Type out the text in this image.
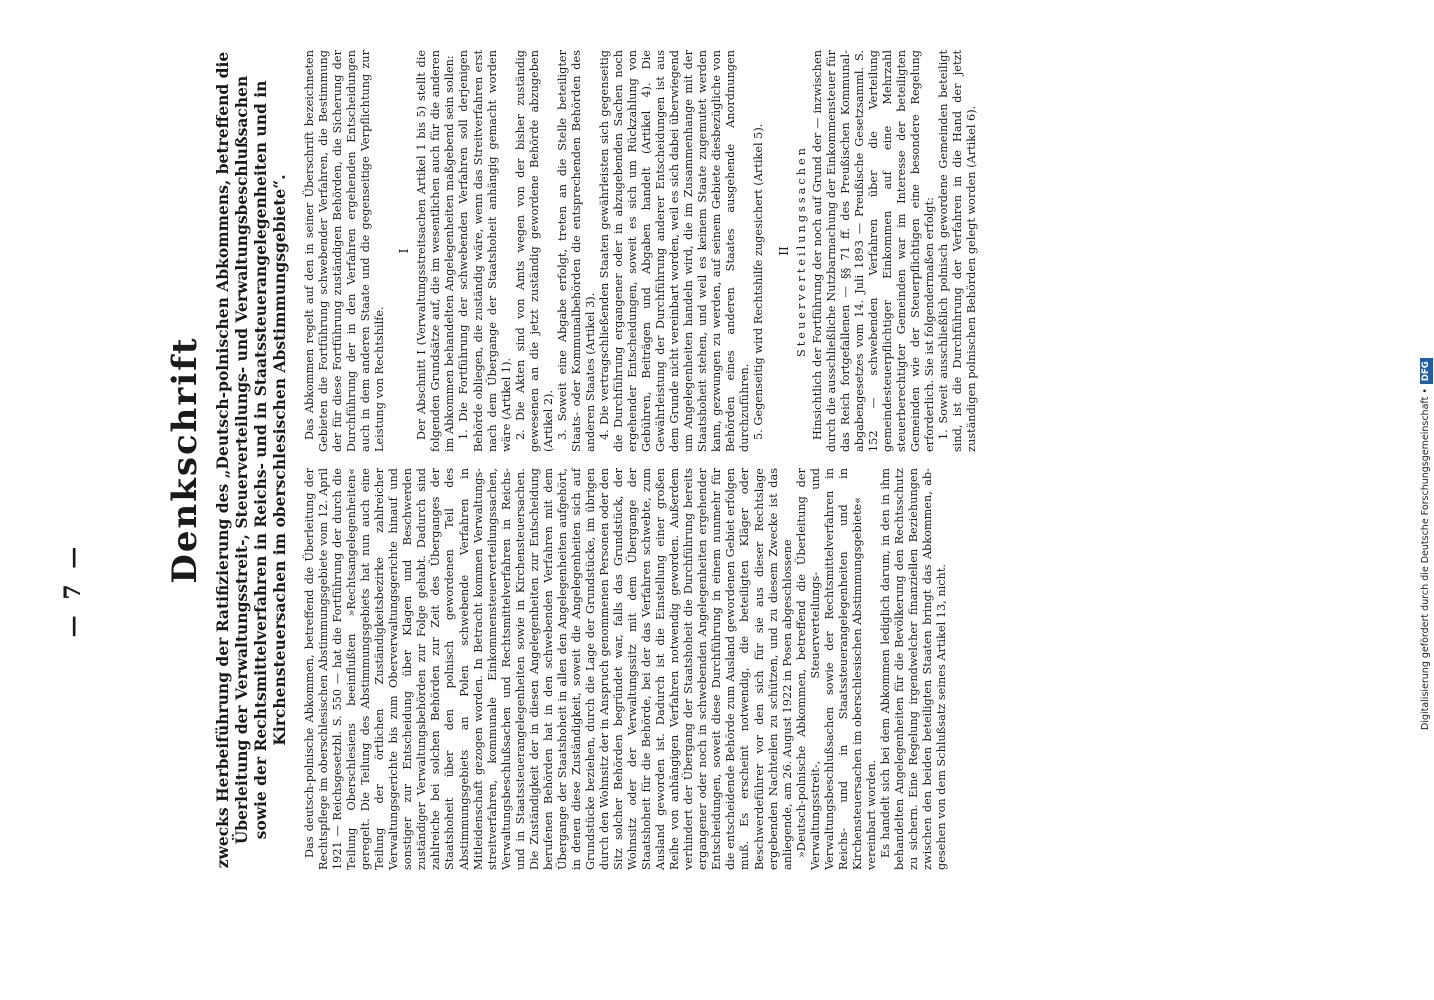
— 7 —
Denkschrift zwecks Herbeiführung der Ratifizierung des „Deutsch-polnischen Abkommens, betreffend die Überleitung der Verwaltungsstreit-, Steuerverteilungs- und Verwaltungsbeschlußsachen sowie der Rechtsmittelverfahren in Reichs- und in Staatssteuerangelegenheiten und in Kirchensteuersachen im oberschlesischen Abstimmungsgebiete“. Das deutsch-polnische Abkommen, betreffend die Überleitung der Rechtspflege im oberschlesischen Abstimmungsgebiete vom 12. April 1921 — Reichsgesetzbl. S. 550 — hat die Fortführung der durch die Teilung Oberschlesiens beeinflußten »Rechtsangelegenheiten« geregelt. Die Teilung des Abstimmungsgebiets hat nun auch eine Teilung der örtlichen Zuständigkeitsbezirke zahlreicher Verwaltungsgerichte bis zum Oberverwaltungsgerichte hinauf und sonstiger zur Entscheidung über Klagen und Beschwerden zuständiger Verwaltungsbehörden zur Folge gehabt. Dadurch sind zahlreiche bei solchen Behörden zur Zeit des Überganges der Staatshoheit über den polnisch gewordenen Teil des Abstimmungsgebiets an Polen schwebende Verfahren in Mitleidenschaft gezogen worden. In Betracht kommen Verwaltungsstreitverfahren, kommunale Einkommensteuerverteilungssachen, Verwaltungsbeschlußsachen und Rechtsmittelverfahren in Reichs- und in Staatssteuerangelegenheiten sowie in Kirchensteuersachen. Die Zuständigkeit der in diesen Angelegenheiten zur Entscheidung berufenen Behörden hat in den schwebenden Verfahren mit dem Übergange der Staatshoheit in allen den Angelegenheiten aufgehört, in denen diese Zuständigkeit, soweit die Angelegenheiten sich auf Grundstücke beziehen, durch die Lage der Grundstücke, im übrigen durch den Wohnsitz der in Anspruch genommenen Personen oder den Sitz solcher Behörden begründet war, falls das Grundstück, der Wohnsitz oder der Verwaltungssitz mit dem Übergange der Staatshoheit für die Behörde, bei der das Verfahren schwebte, zum Ausland geworden ist. Dadurch ist die Einstellung einer großen Reihe von anhängigen Verfahren notwendig geworden. Außerdem verhindert der Übergang der Staatshoheit die Durchführung bereits ergangener oder noch in schwebenden Angelegenheiten ergehender Entscheidungen, soweit diese Durchführung in einem nunmehr für die entscheidende Behörde zum Ausland gewordenen Gebiet erfolgen muß. Es erscheint notwendig, die beteiligten Kläger oder Beschwerdeführer vor den sich für sie aus dieser Rechtslage ergebenden Nachteilen zu schützen, und zu diesem Zwecke ist das anliegende, am 26. August 1922 in Posen abgeschlossene »Deutsch-polnische Abkommen, betreffend die Überleitung der Verwaltungsstreit-, Steuerverteilungs- und Verwaltungsbeschlußsachen sowie der Rechtsmittelverfahren in Reichs- und in Staatssteuerangelegenheiten und in Kirchensteuersachen im oberschlesischen Abstimmungsgebiete« vereinbart worden. Es handelt sich bei dem Abkommen lediglich darum, in den in ihm behandelten Angelegenheiten für die Bevölkerung den Rechtsschutz zu sichern. Eine Regelung irgendwelcher finanziellen Beziehungen zwischen den beiden beteiligten Staaten bringt das Abkommen, abgesehen von dem Schlußsatz seines Artikel 13, nicht.

Das Abkommen regelt auf den in seiner Überschrift bezeichneten Gebieten die Fortführung schwebender Verfahren, die Bestimmung der für diese Fortführung zuständigen Behörden, die Sicherung der Durchführung der in den Verfahren ergehenden Entscheidungen auch in dem anderen Staate und die gegenseitige Verpflichtung zur Leistung von Rechtshilfe.

I Der Abschnitt I (Verwaltungsstreitsachen Artikel 1 bis 5) stellt die folgenden Grundsätze auf, die im wesentlichen auch für die anderen im Abkommen behandelten Angelegenheiten maßgebend sein sollen: 1. Die Fortführung der schwebenden Verfahren soll derjenigen Behörde obliegen, die zuständig wäre, wenn das Streitverfahren erst nach dem Übergange der Staatshoheit anhängig gemacht worden wäre (Artikel 1). 2. Die Akten sind von Amts wegen von der bisher zuständig gewesenen an die jetzt zuständig gewordene Behörde abzugeben (Artikel 2). 3. Soweit eine Abgabe erfolgt, treten an die Stelle beteiligter Staats- oder Kommunalbehörden die entsprechenden Behörden des anderen Staates (Artikel 3). 4. Die vertragschließenden Staaten gewährleisten sich gegenseitig die Durchführung ergangener oder in abzugebenden Sachen noch ergehender Entscheidungen, soweit es sich um Rückzahlung von Gebühren, Beiträgen und Abgaben handelt (Artikel 4). Die Gewährleistung der Durchführung anderer Entscheidungen ist aus dem Grunde nicht vereinbart worden, weil es sich dabei überwiegend um Angelegenheiten handeln wird, die im Zusammenhange mit der Staatshoheit stehen, und weil es keinem Staate zugemutet werden kann, gezwungen zu werden, auf seinem Gebiete diesbezügliche von Behörden eines anderen Staates ausgehende Anordnungen durchzuführen. 5. Gegenseitig wird Rechtshilfe zugesichert (Artikel 5). II Steuerverteilungssachen Hinsichtlich der Fortführung der noch auf Grund der — inzwischen durch die ausschließliche Nutzbarmachung der Einkommensteuer für das Reich fortgefallenen — §§ 71 ff. des Preußischen Kommunalabgabengesetzes vom 14. Juli 1893 — Preußische Gesetzsamml. S. 152 — schwebenden Verfahren über die Verteilung gemeindesteuerpflichtiger Einkommen auf eine Mehrzahl steuerberechtigter Gemeinden war im Interesse der beteiligten Gemeinden wie der Steuerpflichtigen eine besondere Regelung erforderlich. Sie ist folgendermaßen erfolgt: 1. Soweit ausschließlich polnisch gewordene Gemeinden beteiligt sind, ist die Durchführung der Verfahren in die Hand der jetzt zuständigen polnischen Behörden gelegt worden (Artikel 6).

Digitalisierung gefördert durch die Deutsche Forschungsgemeinschaft •DFG
